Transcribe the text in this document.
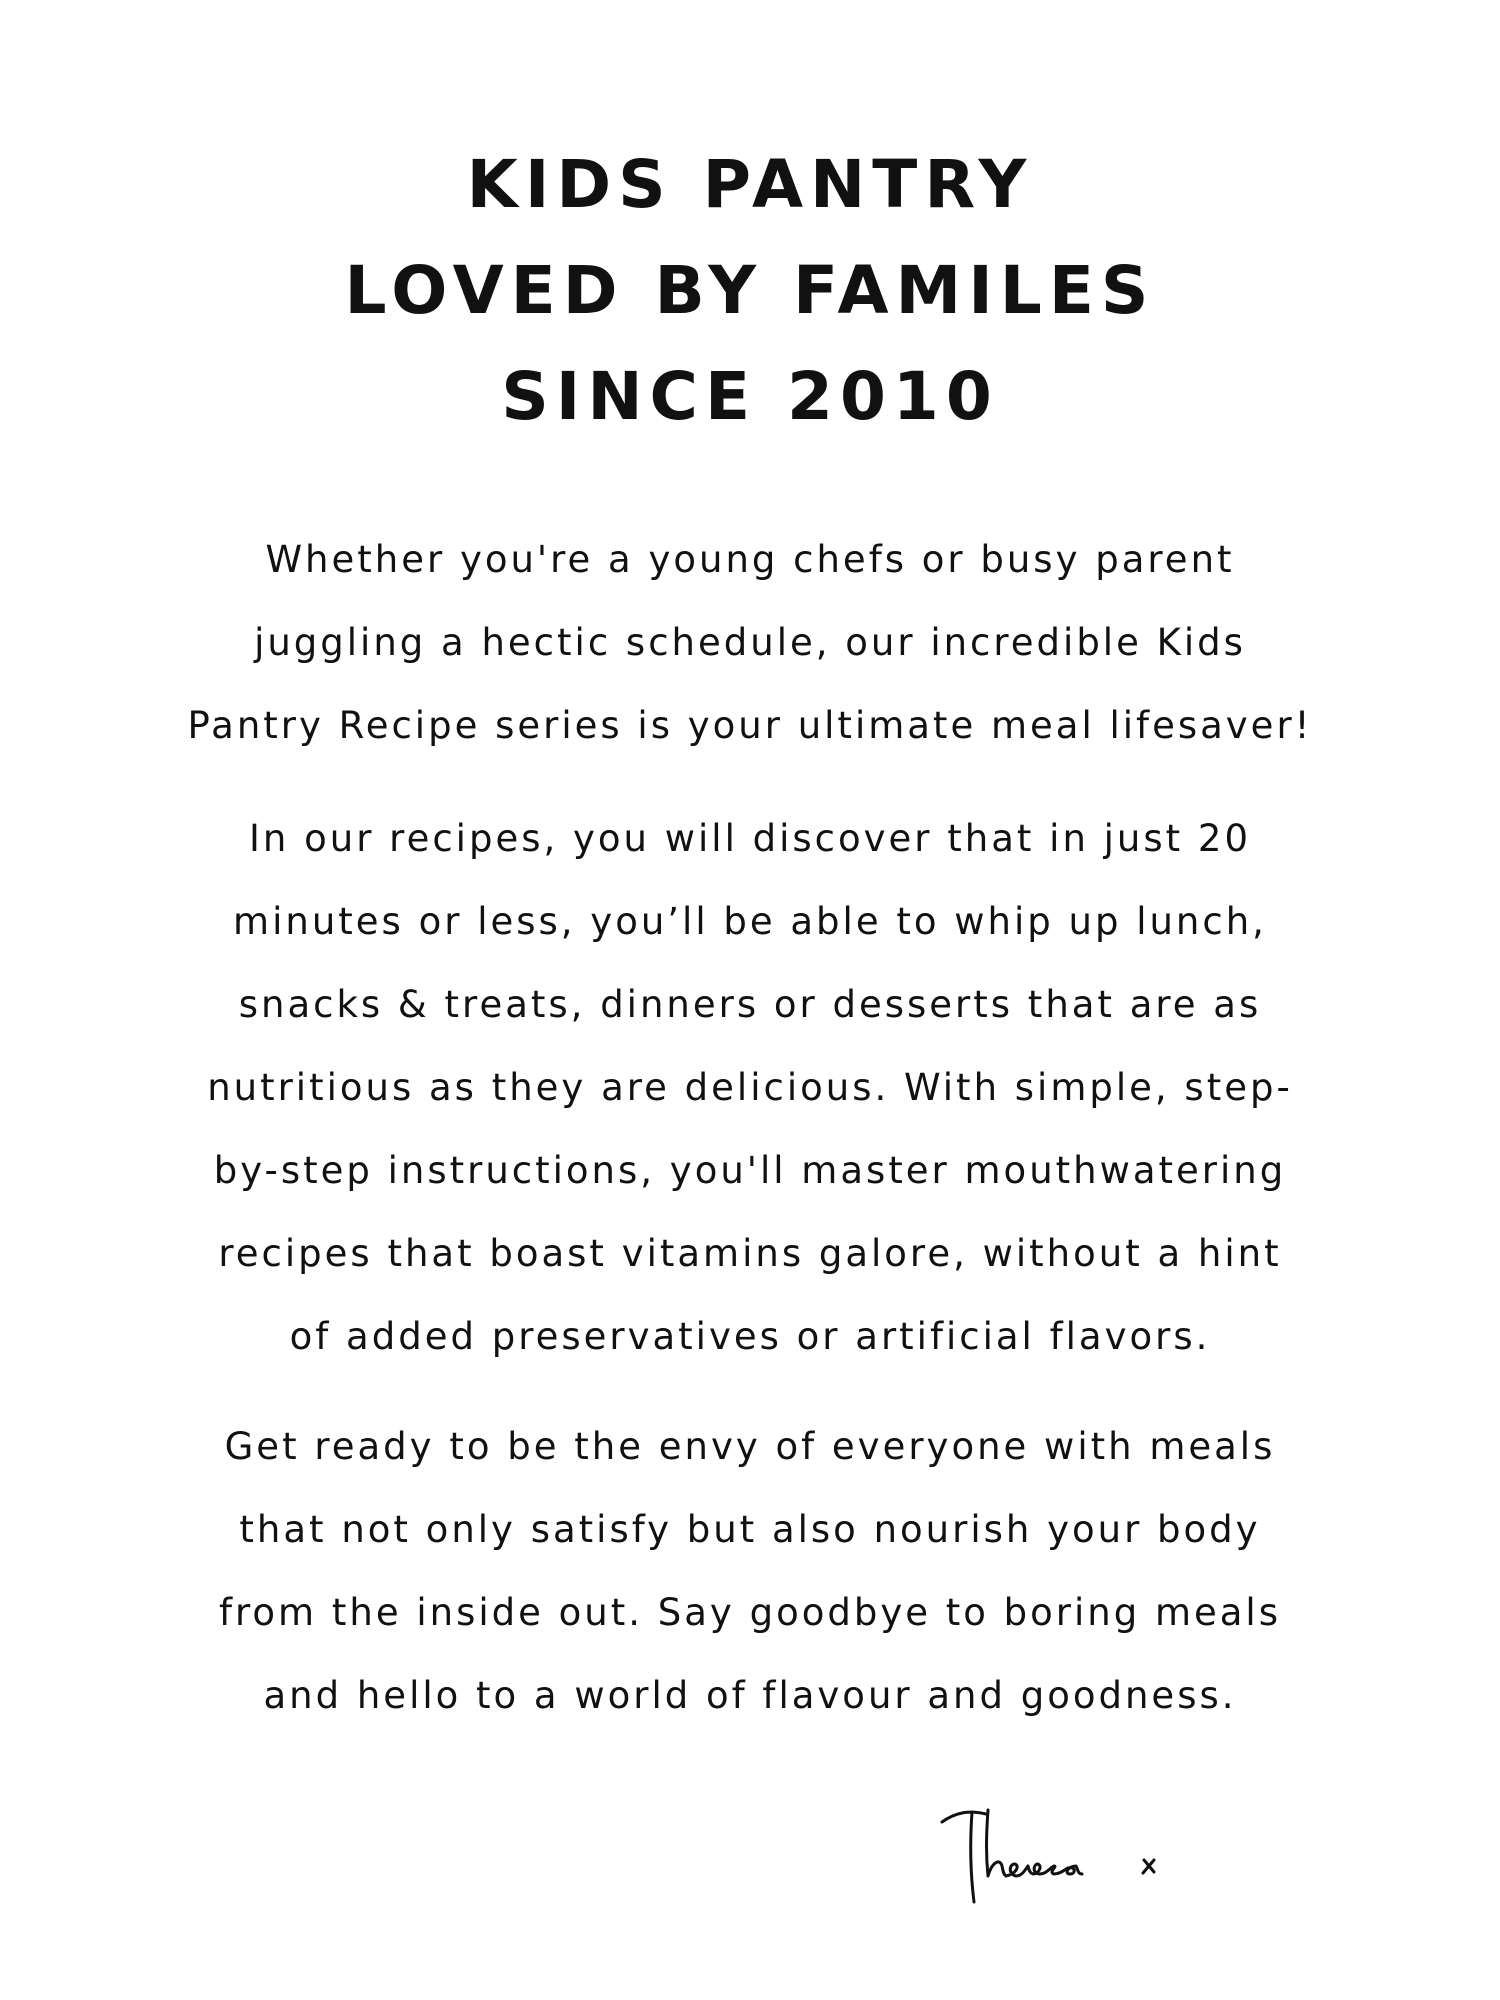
KIDS PANTRY
LOVED BY FAMILES
SINCE 2010

Whether you're a young chefs or busy parent
juggling a hectic schedule, our incredible Kids
Pantry Recipe series is your ultimate meal lifesaver!

In our recipes, you will discover that in just 20
minutes or less, you’ll be able to whip up lunch,
snacks & treats, dinners or desserts that are as
nutritious as they are delicious. With simple, step-
by-step instructions, you'll master mouthwatering
recipes that boast vitamins galore, without a hint
of added preservatives or artificial flavors.

Get ready to be the envy of everyone with meals
that not only satisfy but also nourish your body
from the inside out. Say goodbye to boring meals
and hello to a world of flavour and goodness.
